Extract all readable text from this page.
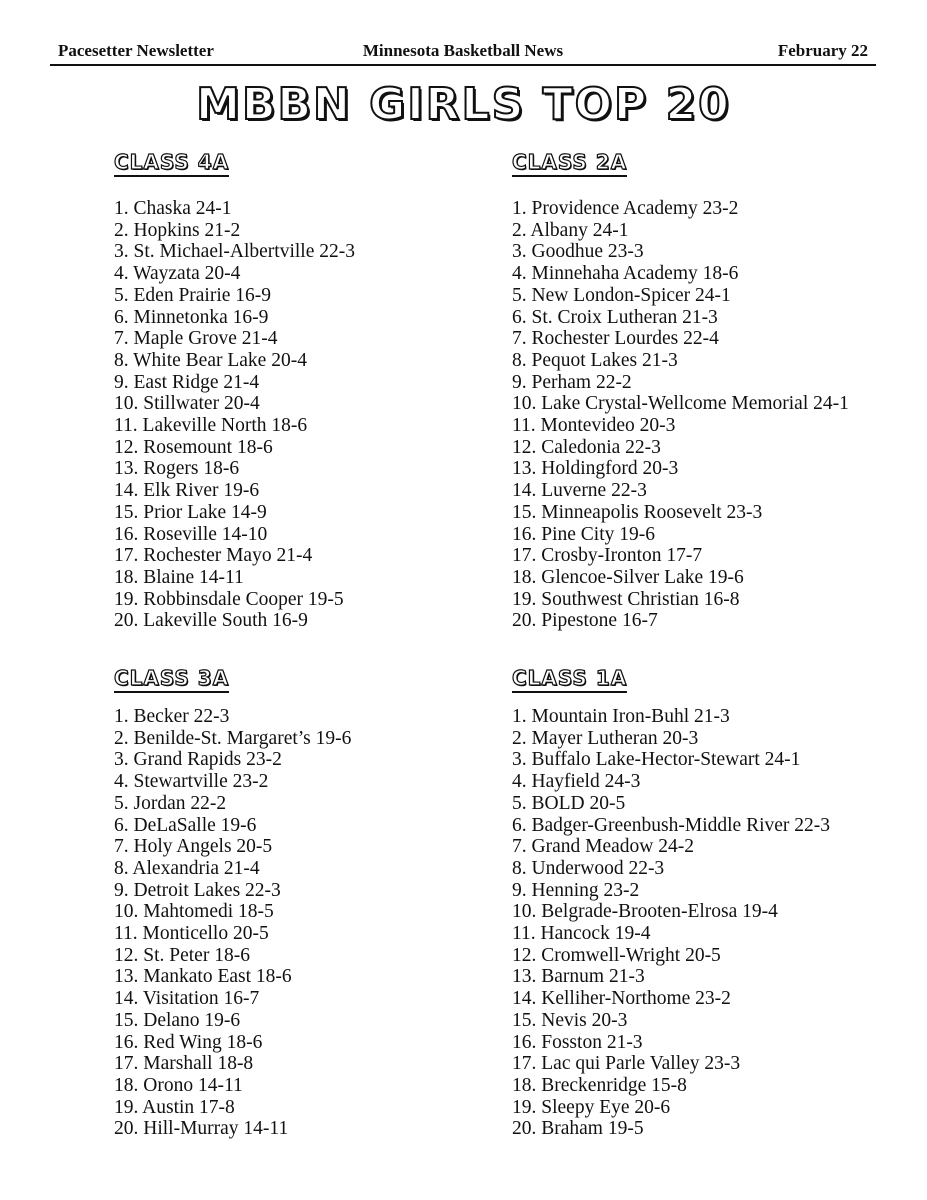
Pacesetter Newsletter	Minnesota Basketball News	February 22
MBBN GIRLS TOP 20
CLASS 4A
1. Chaska 24-1
2. Hopkins 21-2
3. St. Michael-Albertville 22-3
4. Wayzata 20-4
5. Eden Prairie 16-9
6. Minnetonka 16-9
7. Maple Grove 21-4
8. White Bear Lake 20-4
9. East Ridge 21-4
10. Stillwater 20-4
11. Lakeville North 18-6
12. Rosemount 18-6
13. Rogers 18-6
14. Elk River 19-6
15. Prior Lake 14-9
16. Roseville 14-10
17. Rochester Mayo 21-4
18. Blaine 14-11
19. Robbinsdale Cooper 19-5
20. Lakeville South 16-9
CLASS 2A
1. Providence Academy 23-2
2. Albany 24-1
3. Goodhue 23-3
4. Minnehaha Academy 18-6
5. New London-Spicer 24-1
6. St. Croix Lutheran 21-3
7. Rochester Lourdes 22-4
8. Pequot Lakes 21-3
9. Perham 22-2
10. Lake Crystal-Wellcome Memorial 24-1
11. Montevideo 20-3
12. Caledonia 22-3
13. Holdingford 20-3
14. Luverne 22-3
15. Minneapolis Roosevelt 23-3
16. Pine City 19-6
17. Crosby-Ironton 17-7
18. Glencoe-Silver Lake 19-6
19. Southwest Christian 16-8
20. Pipestone 16-7
CLASS 3A
1. Becker 22-3
2. Benilde-St. Margaret’s 19-6
3. Grand Rapids 23-2
4. Stewartville 23-2
5. Jordan 22-2
6. DeLaSalle 19-6
7. Holy Angels 20-5
8. Alexandria 21-4
9. Detroit Lakes 22-3
10. Mahtomedi 18-5
11. Monticello 20-5
12. St. Peter 18-6
13. Mankato East 18-6
14. Visitation 16-7
15. Delano 19-6
16. Red Wing 18-6
17. Marshall 18-8
18. Orono 14-11
19. Austin 17-8
20. Hill-Murray 14-11
CLASS 1A
1. Mountain Iron-Buhl 21-3
2. Mayer Lutheran 20-3
3. Buffalo Lake-Hector-Stewart 24-1
4. Hayfield 24-3
5. BOLD 20-5
6. Badger-Greenbush-Middle River 22-3
7. Grand Meadow 24-2
8. Underwood 22-3
9. Henning 23-2
10. Belgrade-Brooten-Elrosa 19-4
11. Hancock 19-4
12. Cromwell-Wright 20-5
13. Barnum 21-3
14. Kelliher-Northome 23-2
15. Nevis 20-3
16. Fosston 21-3
17. Lac qui Parle Valley 23-3
18. Breckenridge 15-8
19. Sleepy Eye 20-6
20. Braham 19-5
